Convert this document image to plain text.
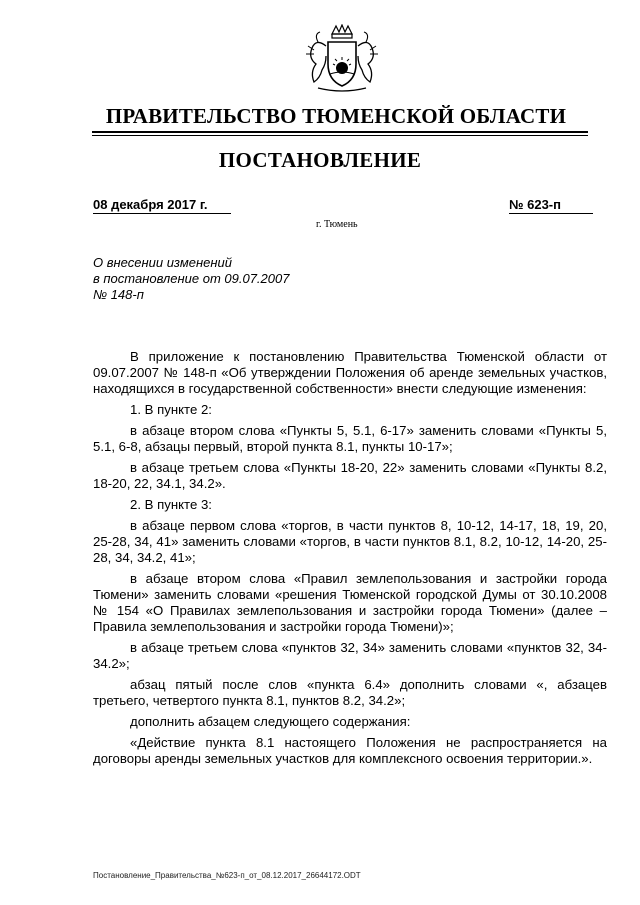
ПРАВИТЕЛЬСТВО ТЮМЕНСКОЙ ОБЛАСТИ
ПОСТАНОВЛЕНИЕ
08 декабря 2017 г.	№ 623-п
г. Тюмень
О внесении изменений
в постановление от 09.07.2007
№ 148-п

В приложение к постановлению Правительства Тюменской области от 09.07.2007 № 148-п «Об утверждении Положения об аренде земельных участков, находящихся в государственной собственности» внести следующие изменения:

1. В пункте 2:

в абзаце втором слова «Пункты 5, 5.1, 6-17» заменить словами «Пункты 5, 5.1, 6-8, абзацы первый, второй пункта 8.1, пункты 10-17»;

в абзаце третьем слова «Пункты 18-20, 22» заменить словами «Пункты 8.2, 18-20, 22, 34.1, 34.2».

2. В пункте 3:

в абзаце первом слова «торгов, в части пунктов 8, 10-12, 14-17, 18, 19, 20, 25-28, 34, 41» заменить словами «торгов, в части пунктов 8.1, 8.2, 10-12, 14-20, 25-28, 34, 34.2, 41»;

в абзаце втором слова «Правил землепользования и застройки города Тюмени» заменить словами «решения Тюменской городской Думы от 30.10.2008 № 154 «О Правилах землепользования и застройки города Тюмени» (далее – Правила землепользования и застройки города Тюмени)»;

в абзаце третьем слова «пунктов 32, 34» заменить словами «пунктов 32, 34-34.2»;

абзац пятый после слов «пункта 6.4» дополнить словами «, абзацев третьего, четвертого пункта 8.1, пунктов 8.2, 34.2»;

дополнить абзацем следующего содержания:

«Действие пункта 8.1 настоящего Положения не распространяется на договоры аренды земельных участков для комплексного освоения территории.».

Постановление_Правительства_№623-п_от_08.12.2017_26644172.ODT
